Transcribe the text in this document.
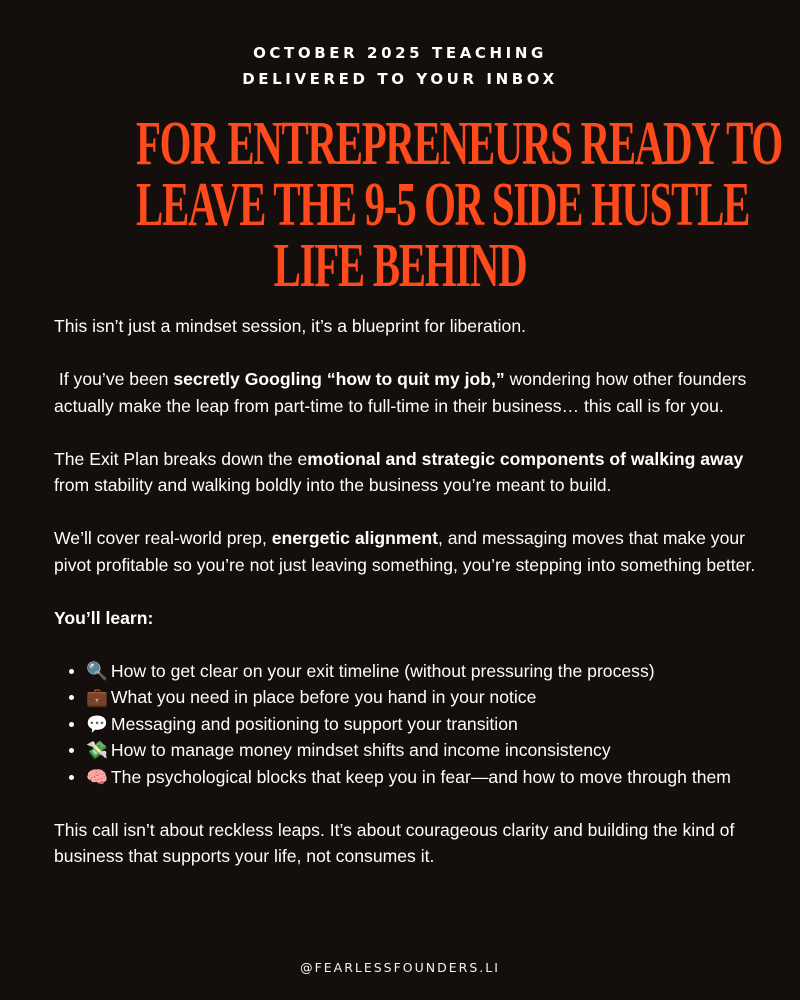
OCTOBER 2025 TEACHING
DELIVERED TO YOUR INBOX
FOR ENTREPRENEURS READY TO
LEAVE THE 9-5 OR SIDE HUSTLE
LIFE BEHIND

This isn’t just a mindset session, it’s a blueprint for liberation.

If you’ve been secretly Googling “how to quit my job,” wondering how other founders actually make the leap from part-time to full-time in their business… this call is for you.

The Exit Plan breaks down the emotional and strategic components of walking away from stability and walking boldly into the business you’re meant to build.

We’ll cover real-world prep, energetic alignment, and messaging moves that make your pivot profitable so you’re not just leaving something, you’re stepping into something better.

You’ll learn:

🔍 How to get clear on your exit timeline (without pressuring the process)
💼 What you need in place before you hand in your notice
💬 Messaging and positioning to support your transition
💸 How to manage money mindset shifts and income inconsistency
🧠 The psychological blocks that keep you in fear—and how to move through them

This call isn’t about reckless leaps. It’s about courageous clarity and building the kind of business that supports your life, not consumes it.

@FEARLESSFOUNDERS.LI
